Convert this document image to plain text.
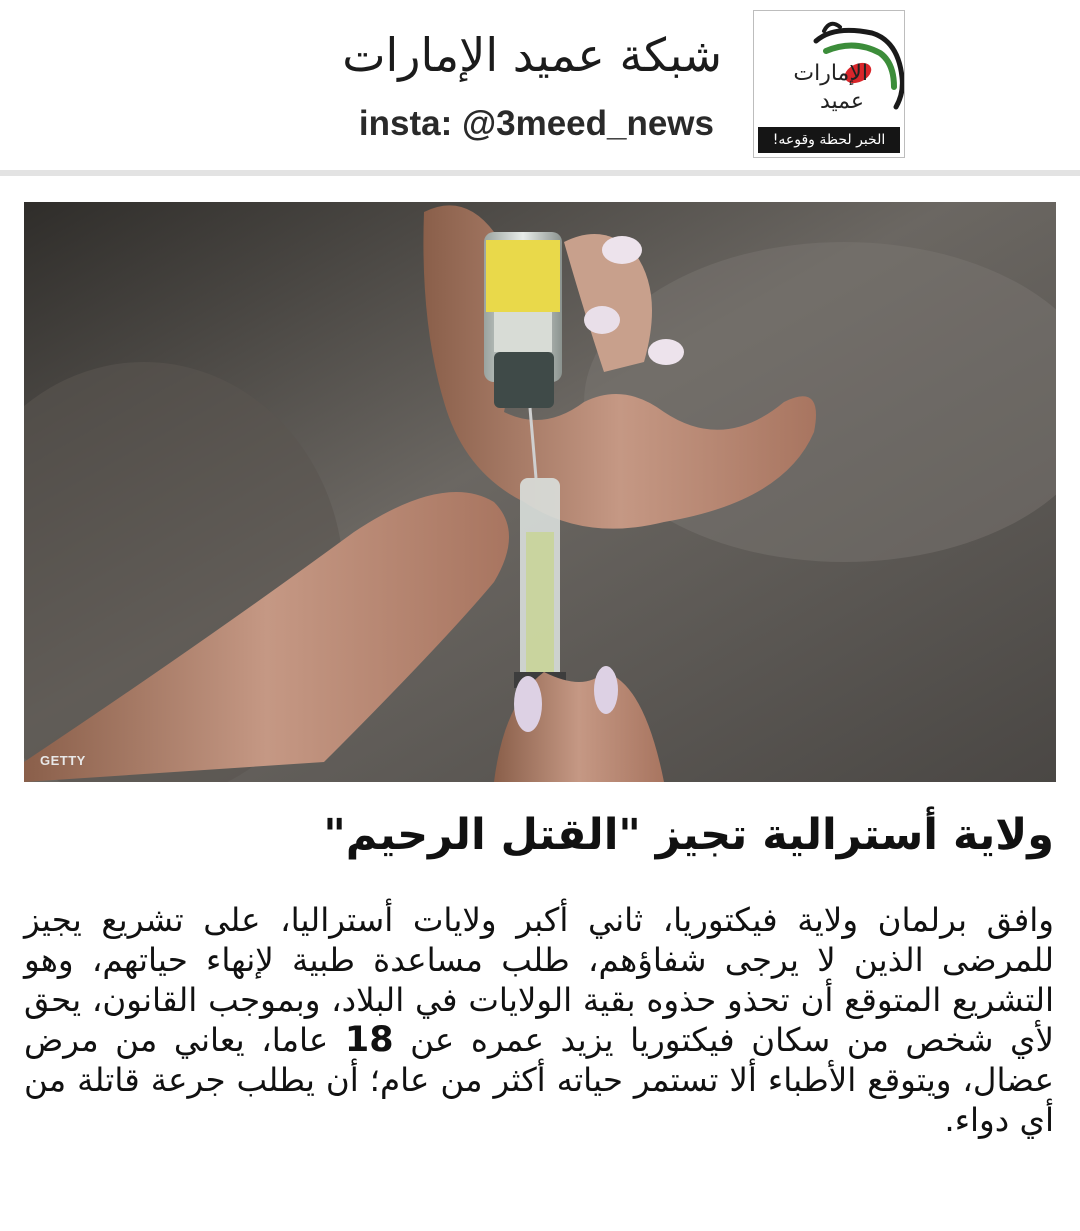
الإمارات
عميد
الخبر لحظة وقوعه!
شبكة عميد الإمارات
insta: @3meed_news
GETTY
ولاية أسترالية تجيز "القتل الرحيم"
وافق برلمان ولاية فيكتوريا، ثاني أكبر ولايات أستراليا، على تشريع يجيز للمرضى الذين لا يرجى شفاؤهم، طلب مساعدة طبية لإنهاء حياتهم، وهو التشريع المتوقع أن تحذو حذوه بقية الولايات في البلاد، وبموجب القانون، يحق لأي شخص من سكان فيكتوريا يزيد عمره عن 18 عاما، يعاني من مرض عضال، ويتوقع الأطباء ألا تستمر حياته أكثر من عام؛ أن يطلب جرعة قاتلة من أي دواء.
